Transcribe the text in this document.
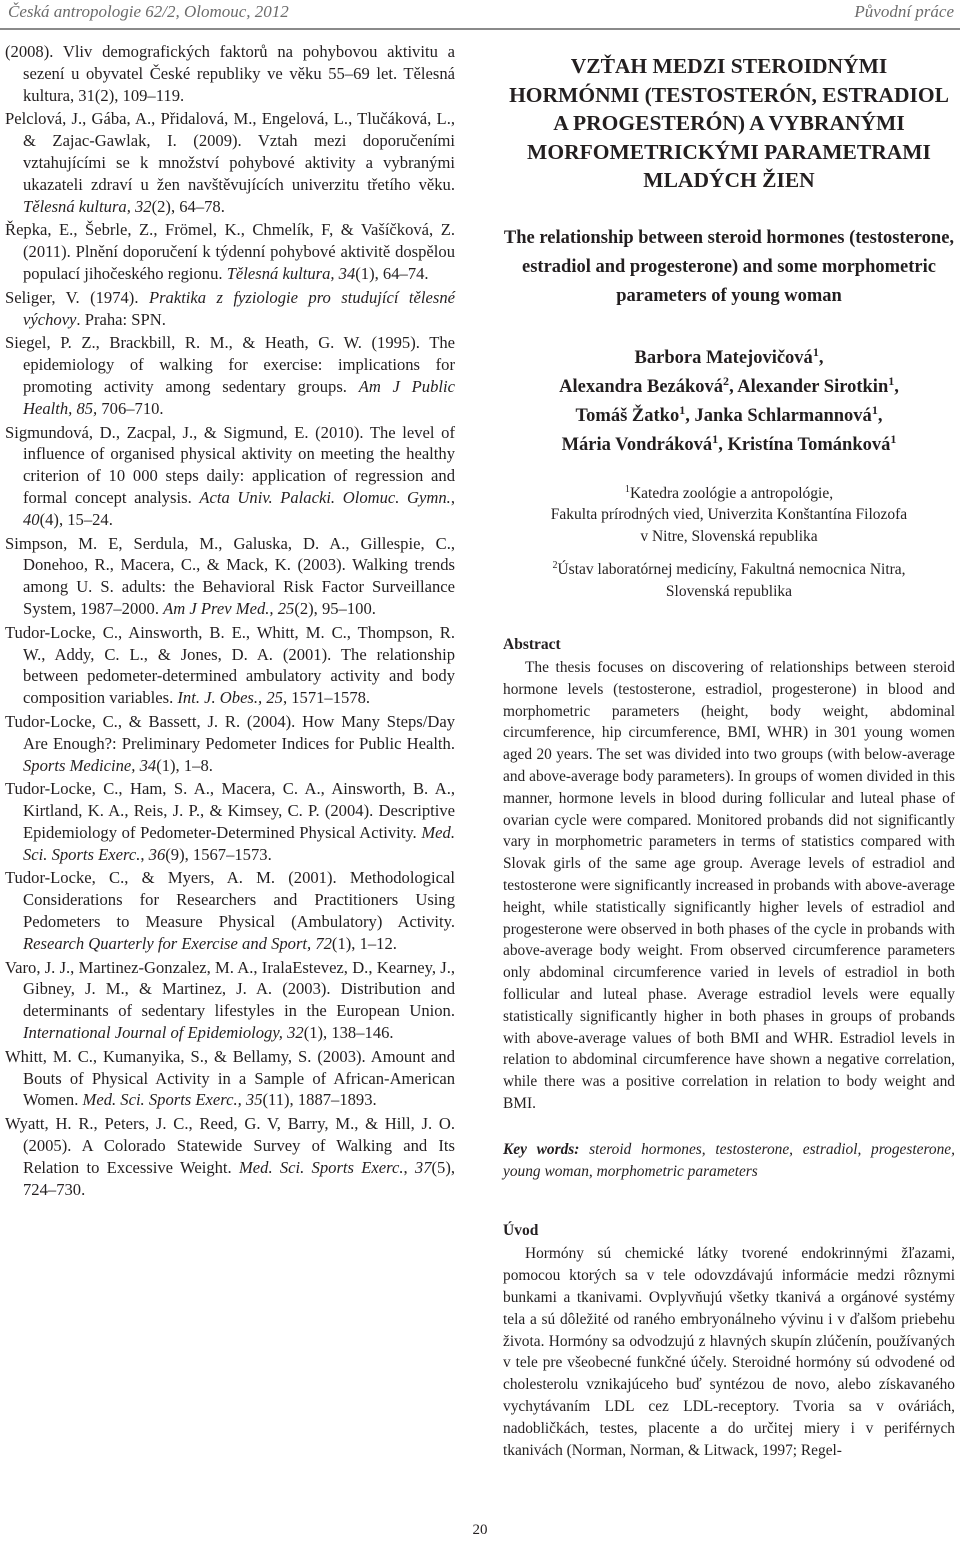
Česká antropologie 62/2, Olomouc, 2012	Původní práce

(2008). Vliv demografických faktorů na pohybovou aktivitu a sezení u obyvatel České republiky ve věku 55–69 let. Tělesná kultura, 31(2), 109–119.

Pelclová, J., Gába, A., Přidalová, M., Engelová, L., Tlučáková, L., & Zajac-Gawlak, I. (2009). Vztah mezi doporučeními vztahujícími se k množství pohybové aktivity a vybranými ukazateli zdraví u žen navštěvujících univerzitu třetího věku. Tělesná kultura, 32(2), 64–78.

Řepka, E., Šebrle, Z., Frömel, K., Chmelík, F, & Vašíčková, Z. (2011). Plnění doporučení k týdenní pohybové aktivitě dospělou populací jihočeského regionu. Tělesná kultura, 34(1), 64–74.

Seliger, V. (1974). Praktika z fyziologie pro studující tělesné výchovy. Praha: SPN.

Siegel, P. Z., Brackbill, R. M., & Heath, G. W. (1995). The epidemiology of walking for exercise: implications for promoting activity among sedentary groups. Am J Public Health, 85, 706–710.

Sigmundová, D., Zacpal, J., & Sigmund, E. (2010). The level of influence of organised physical aktivity on meeting the healthy criterion of 10 000 steps daily: application of regression and formal concept analysis. Acta Univ. Palacki. Olomuc. Gymn., 40(4), 15–24.

Simpson, M. E, Serdula, M., Galuska, D. A., Gillespie, C., Donehoo, R., Macera, C., & Mack, K. (2003). Walking trends among U. S. adults: the Behavioral Risk Factor Surveillance System, 1987–2000. Am J Prev Med., 25(2), 95–100.

Tudor-Locke, C., Ainsworth, B. E., Whitt, M. C., Thompson, R. W., Addy, C. L., & Jones, D. A. (2001). The relationship between pedometer-determined ambulatory activity and body composition variables. Int. J. Obes., 25, 1571–1578.

Tudor-Locke, C., & Bassett, J. R. (2004). How Many Steps/Day Are Enough?: Preliminary Pedometer Indices for Public Health. Sports Medicine, 34(1), 1–8.

Tudor-Locke, C., Ham, S. A., Macera, C. A., Ainsworth, B. A., Kirtland, K. A., Reis, J. P., & Kimsey, C. P. (2004). Descriptive Epidemiology of Pedometer-Determined Physical Activity. Med. Sci. Sports Exerc., 36(9), 1567–1573.

Tudor-Locke, C., & Myers, A. M. (2001). Methodological Considerations for Researchers and Practitioners Using Pedometers to Measure Physical (Ambulatory) Activity. Research Quarterly for Exercise and Sport, 72(1), 1–12.

Varo, J. J., Martinez-Gonzalez, M. A., IralaEstevez, D., Kearney, J., Gibney, J. M., & Martinez, J. A. (2003). Distribution and determinants of sedentary lifestyles in the European Union. International Journal of Epidemiology, 32(1), 138–146.

Whitt, M. C., Kumanyika, S., & Bellamy, S. (2003). Amount and Bouts of Physical Activity in a Sample of African-American Women. Med. Sci. Sports Exerc., 35(11), 1887–1893.

Wyatt, H. R., Peters, J. C., Reed, G. V, Barry, M., & Hill, J. O. (2005). A Colorado Statewide Survey of Walking and Its Relation to Excessive Weight. Med. Sci. Sports Exerc., 37(5), 724–730.

VZŤAH MEDZI STEROIDNÝMI HORMÓNMI (TESTOSTERÓN, ESTRADIOL A PROGESTERÓN) A VYBRANÝMI MORFOMETRICKÝMI PARAMETRAMI MLADÝCH ŽIEN

The relationship between steroid hormones (testosterone, estradiol and progesterone) and some morphometric parameters of young woman

Barbora Matejovičová$^1$,
Alexandra Bezáková$^2$, Alexander Sirotkin$^1$,
Tomáš Žatko$^1$, Janka Schlarmannová$^1$,
Mária Vondráková$^1$, Kristína Tománková$^1$

$^1$Katedra zoológie a antropológie,
Fakulta prírodných vied, Univerzita Konštantína Filozofa
v Nitre, Slovenská republika

$^2$Ústav laboratórnej medicíny, Fakultná nemocnica Nitra,
Slovenská republika

Abstract

The thesis focuses on discovering of relationships between steroid hormone levels (testosterone, estradiol, progesterone) in blood and morphometric parameters (height, body weight, abdominal circumference, hip circumference, BMI, WHR) in 301 young women aged 20 years. The set was divided into two groups (with below-average and above-average body parameters). In groups of women divided in this manner, hormone levels in blood during follicular and luteal phase of ovarian cycle were compared. Monitored probands did not significantly vary in morphometric parameters in terms of statistics compared with Slovak girls of the same age group. Average levels of estradiol and testosterone were significantly increased in probands with above-average height, while statistically significantly higher levels of estradiol and progesterone were observed in both phases of the cycle in probands with above-average body weight. From observed circumference parameters only abdominal circumference varied in levels of estradiol in both follicular and luteal phase. Average estradiol levels were equally statistically significantly higher in both phases in groups of probands with above-average values of both BMI and WHR. Estradiol levels in relation to abdominal circumference have shown a negative correlation, while there was a positive correlation in relation to body weight and BMI.

Key words: steroid hormones, testosterone, estradiol, progesterone, young woman, morphometric parameters

Úvod

Hormóny sú chemické látky tvorené endokrinnými žľazami, pomocou ktorých sa v tele odovzdávajú informácie medzi rôznymi bunkami a tkanivami. Ovplyvňujú všetky tkanivá a orgánové systémy tela a sú dôležité od raného embryonálneho vývinu i v ďalšom priebehu života. Hormóny sa odvodzujú z hlavných skupín zlúčenín, používaných v tele pre všeobecné funkčné účely. Steroidné hormóny sú odvodené od cholesterolu vznikajúceho buď syntézou de novo, alebo získavaného vychytávaním LDL cez LDL-receptory. Tvoria sa v ováriách, nadobličkách, testes, placente a do určitej miery i v periférnych tkanivách (Norman, Norman, & Litwack, 1997; Regel-

20
